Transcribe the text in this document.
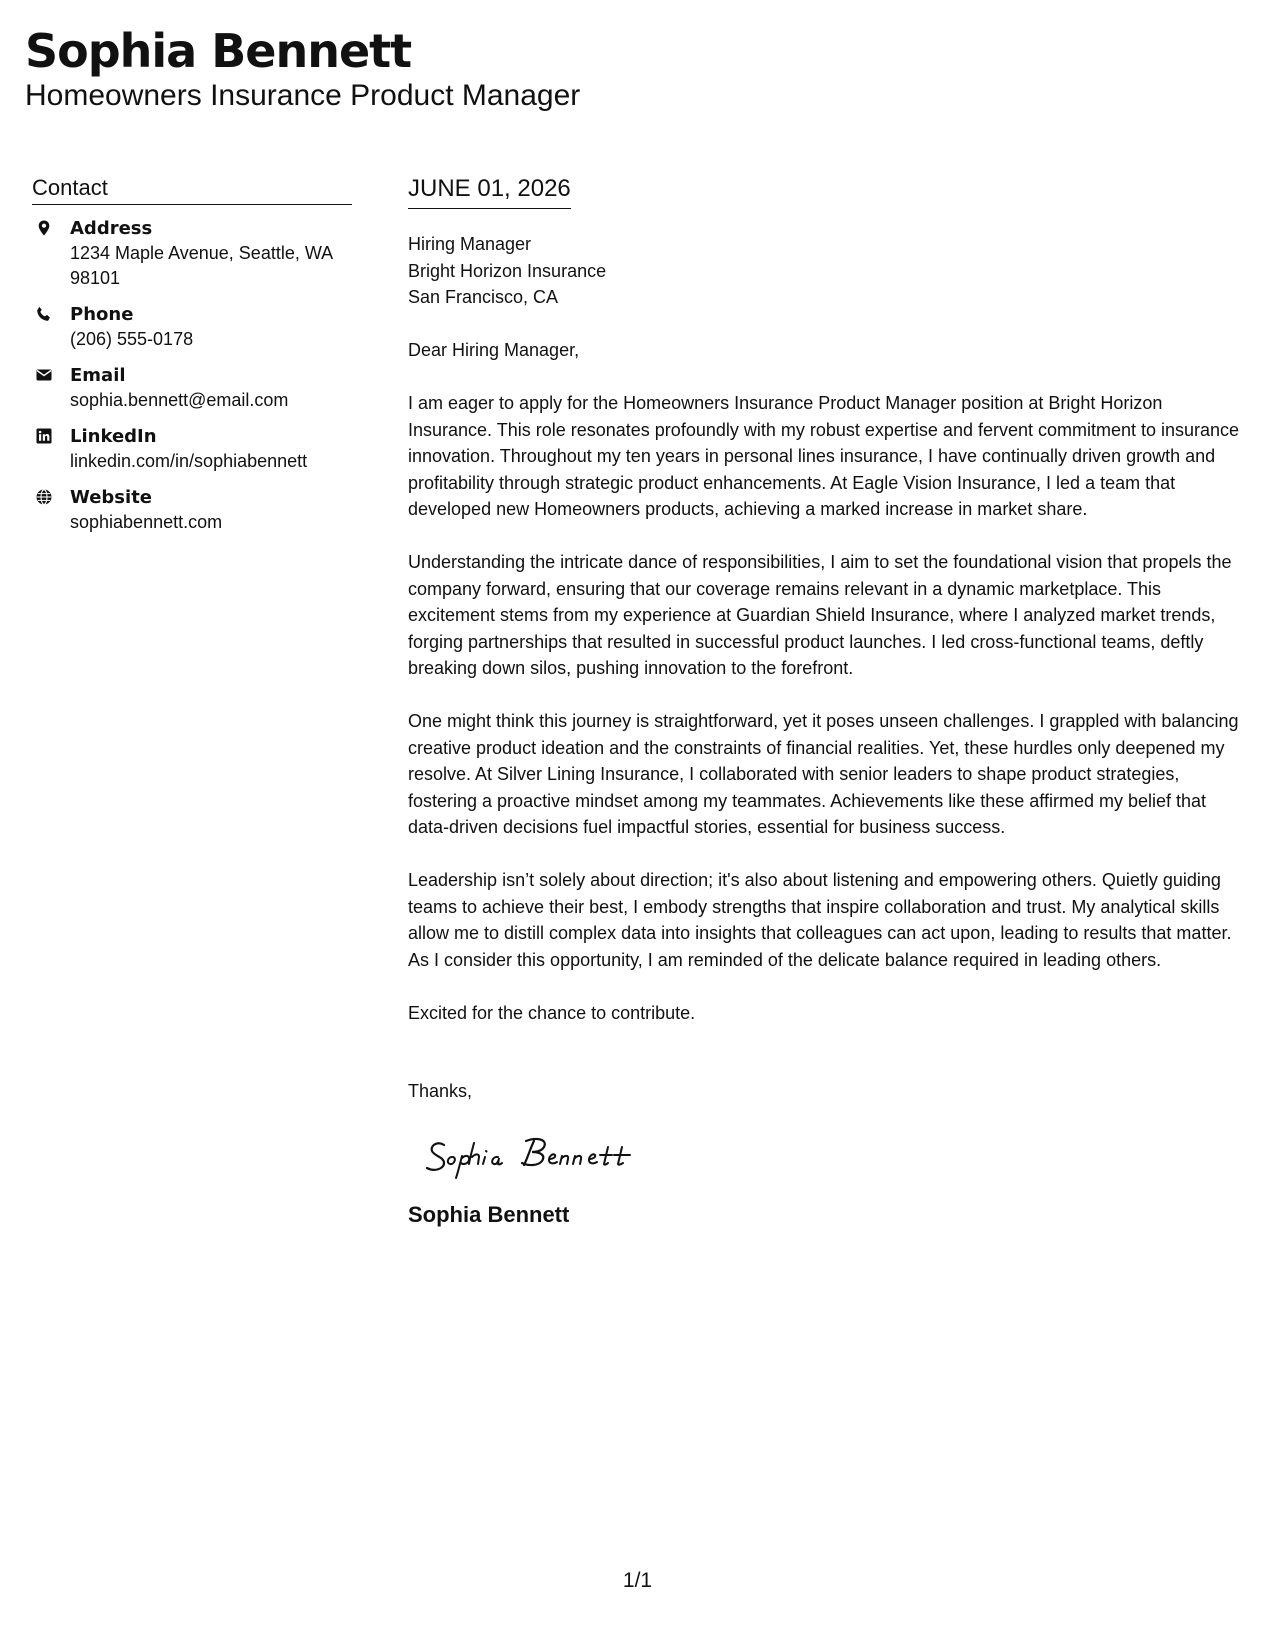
Sophia Bennett
Homeowners Insurance Product Manager
Contact
Address
1234 Maple Avenue, Seattle, WA 98101
Phone
(206) 555-0178
Email
sophia.bennett@email.com
LinkedIn
linkedin.com/in/sophiabennett
Website
sophiabennett.com
JUNE 01, 2026
Hiring Manager
Bright Horizon Insurance
San Francisco, CA
Dear Hiring Manager,

I am eager to apply for the Homeowners Insurance Product Manager position at Bright Horizon Insurance. This role resonates profoundly with my robust expertise and fervent commitment to insurance innovation. Throughout my ten years in personal lines insurance, I have continually driven growth and profitability through strategic product enhancements. At Eagle Vision Insurance, I led a team that developed new Homeowners products, achieving a marked increase in market share.

Understanding the intricate dance of responsibilities, I aim to set the foundational vision that propels the company forward, ensuring that our coverage remains relevant in a dynamic marketplace. This excitement stems from my experience at Guardian Shield Insurance, where I analyzed market trends, forging partnerships that resulted in successful product launches. I led cross-functional teams, deftly breaking down silos, pushing innovation to the forefront.

One might think this journey is straightforward, yet it poses unseen challenges. I grappled with balancing creative product ideation and the constraints of financial realities. Yet, these hurdles only deepened my resolve. At Silver Lining Insurance, I collaborated with senior leaders to shape product strategies, fostering a proactive mindset among my teammates. Achievements like these affirmed my belief that data-driven decisions fuel impactful stories, essential for business success.

Leadership isn’t solely about direction; it's also about listening and empowering others. Quietly guiding teams to achieve their best, I embody strengths that inspire collaboration and trust. My analytical skills allow me to distill complex data into insights that colleagues can act upon, leading to results that matter. As I consider this opportunity, I am reminded of the delicate balance required in leading others.

Excited for the chance to contribute.
Thanks,
Sophia Bennett
1/1
